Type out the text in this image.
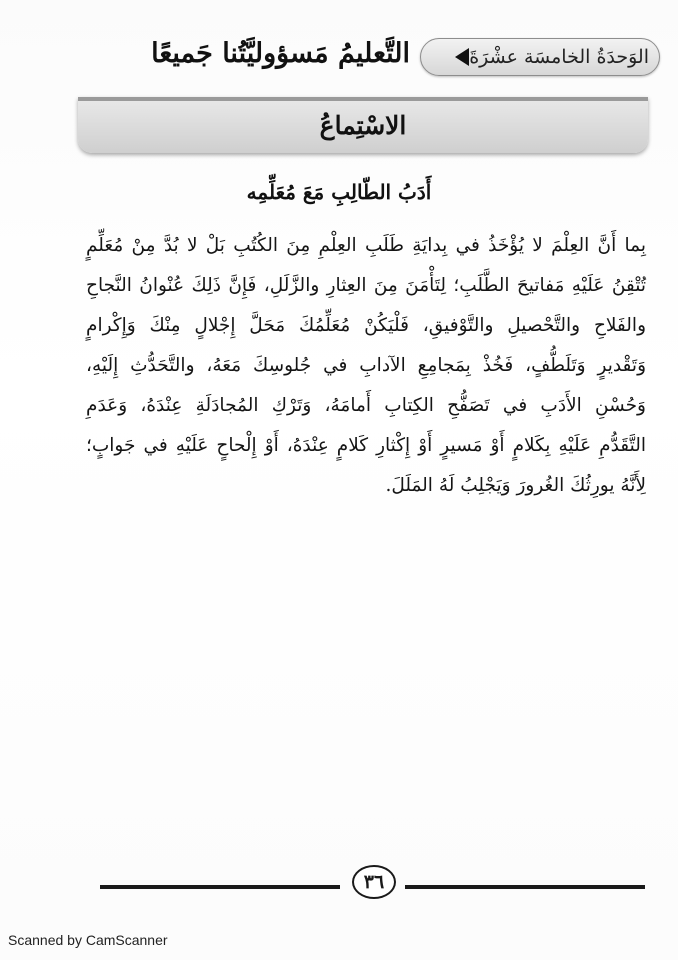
الوَحدَةُ الخامسَة عشْرَةَ
التَّعليمُ مَسؤوليَّتُنا جَميعًا
الاسْتِماعُ
أَدَبُ الطّالِبِ مَعَ مُعَلِّمِه
بِما أَنَّ العِلْمَ لا يُؤْخَذُ في بِدايَةِ طَلَبِ العِلْمِ مِنَ الكُتُبِ بَلْ لا بُدَّ مِنْ مُعَلِّمٍ
تُتْقِنُ عَلَيْهِ مَفاتيحَ الطَّلَبِ؛ لِتَأْمَنَ مِنَ العِثارِ والزَّلَلِ، فَإِنَّ ذَلِكَ عُنْوانُ النَّجاحِ
والفَلاحِ والتَّحْصيلِ والتَّوْفيقِ، فَلْيَكُنْ مُعَلِّمُكَ مَحَلَّ إِجْلالٍ مِنْكَ وَإِكْرامٍ
وَتَقْديرٍ وَتَلَطُّفٍ، فَخُذْ بِمَجامِعِ الآدابِ في جُلوسِكَ مَعَهُ، والتَّحَدُّثِ إِلَيْهِ،
وَحُسْنِ الأَدَبِ في تَصَفُّحِ الكِتابِ أَمامَهُ، وَتَرْكِ المُجادَلَةِ عِنْدَهُ، وَعَدَمِ
التَّقَدُّمِ عَلَيْهِ بِكَلامٍ أَوْ مَسيرٍ أَوْ إِكْثارِ كَلامٍ عِنْدَهُ، أَوْ إِلْحاحٍ عَلَيْهِ في جَوابٍ؛
لِأَنَّهُ يورِثُكَ الغُرورَ وَيَجْلِبُ لَهُ المَلَلَ.
٣٦
Scanned by CamScanner
